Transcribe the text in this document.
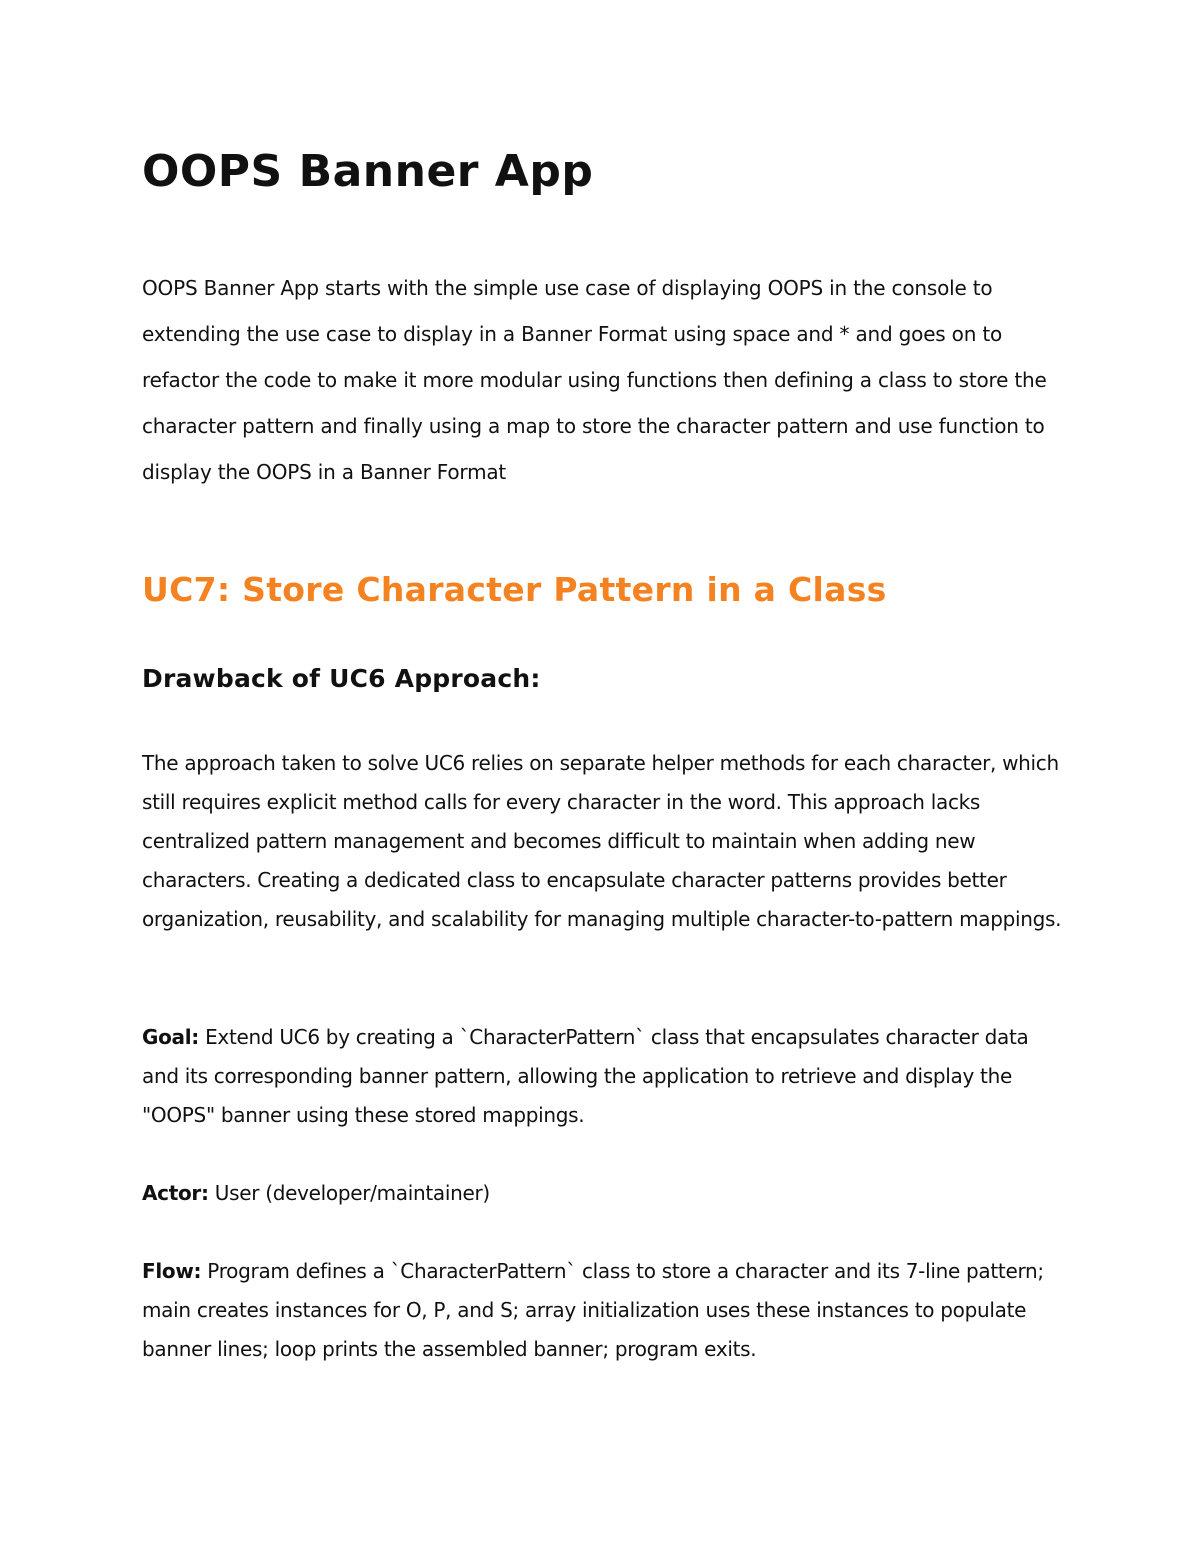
OOPS Banner App

OOPS Banner App starts with the simple use case of displaying OOPS in the console to extending the use case to display in a Banner Format using space and * and goes on to refactor the code to make it more modular using functions then defining a class to store the character pattern and finally using a map to store the character pattern and use function to display the OOPS in a Banner Format

UC7: Store Character Pattern in a Class
Drawback of UC6 Approach:

The approach taken to solve UC6 relies on separate helper methods for each character, which still requires explicit method calls for every character in the word. This approach lacks centralized pattern management and becomes difficult to maintain when adding new characters. Creating a dedicated class to encapsulate character patterns provides better organization, reusability, and scalability for managing multiple character-to-pattern mappings.

Goal: Extend UC6 by creating a `CharacterPattern` class that encapsulates character data and its corresponding banner pattern, allowing the application to retrieve and display the "OOPS" banner using these stored mappings.

Actor: User (developer/maintainer)

Flow: Program defines a `CharacterPattern` class to store a character and its 7-line pattern; main creates instances for O, P, and S; array initialization uses these instances to populate banner lines; loop prints the assembled banner; program exits.
